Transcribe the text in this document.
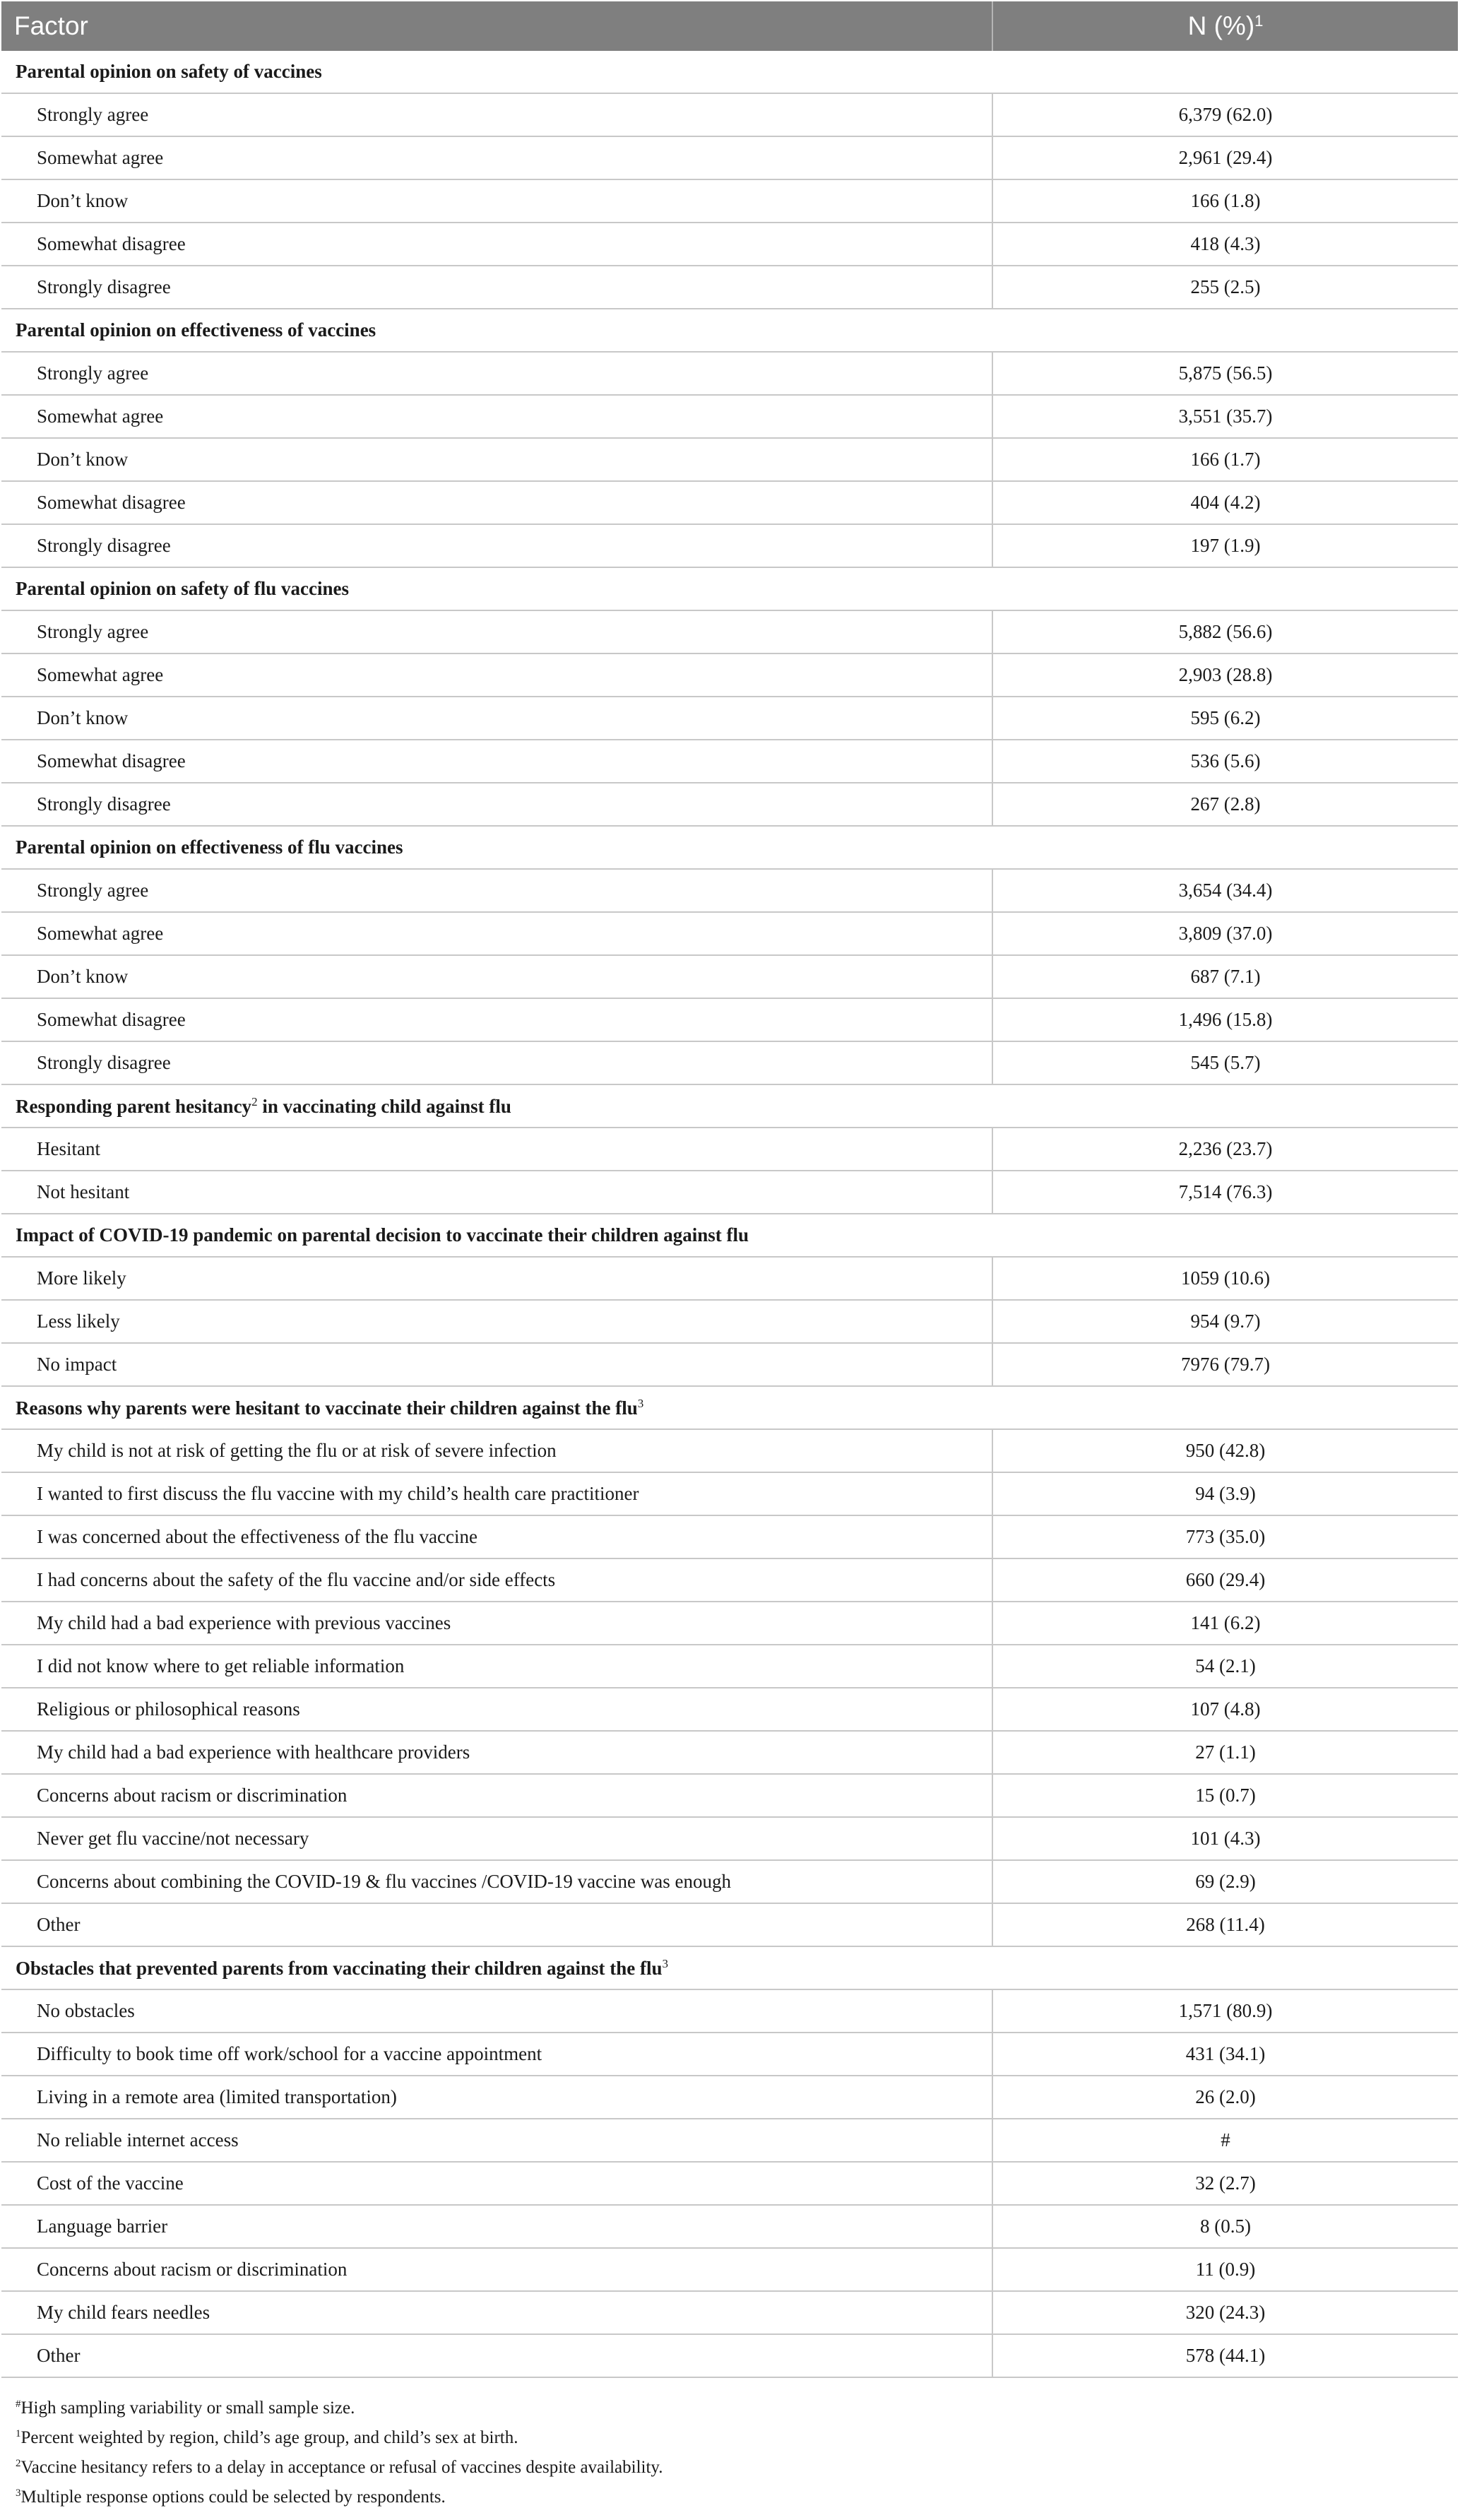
Factor	N (%)$^1$
Parental opinion on safety of vaccines	
Strongly agree	6,379 (62.0)
Somewhat agree	2,961 (29.4)
Don’t know	166 (1.8)
Somewhat disagree	418 (4.3)
Strongly disagree	255 (2.5)
Parental opinion on effectiveness of vaccines	
Strongly agree	5,875 (56.5)
Somewhat agree	3,551 (35.7)
Don’t know	166 (1.7)
Somewhat disagree	404 (4.2)
Strongly disagree	197 (1.9)
Parental opinion on safety of flu vaccines	
Strongly agree	5,882 (56.6)
Somewhat agree	2,903 (28.8)
Don’t know	595 (6.2)
Somewhat disagree	536 (5.6)
Strongly disagree	267 (2.8)
Parental opinion on effectiveness of flu vaccines	
Strongly agree	3,654 (34.4)
Somewhat agree	3,809 (37.0)
Don’t know	687 (7.1)
Somewhat disagree	1,496 (15.8)
Strongly disagree	545 (5.7)
Responding parent hesitancy$^2$ in vaccinating child against flu	
Hesitant	2,236 (23.7)
Not hesitant	7,514 (76.3)
Impact of COVID-19 pandemic on parental decision to vaccinate their children against flu	
More likely	1059 (10.6)
Less likely	954 (9.7)
No impact	7976 (79.7)
Reasons why parents were hesitant to vaccinate their children against the flu$^3$
My child is not at risk of getting the flu or at risk of severe infection	950 (42.8)
I wanted to first discuss the flu vaccine with my child’s health care practitioner	94 (3.9)
I was concerned about the effectiveness of the flu vaccine	773 (35.0)
I had concerns about the safety of the flu vaccine and/or side effects	660 (29.4)
My child had a bad experience with previous vaccines	141 (6.2)
I did not know where to get reliable information	54 (2.1)
Religious or philosophical reasons	107 (4.8)
My child had a bad experience with healthcare providers	27 (1.1)
Concerns about racism or discrimination	15 (0.7)
Never get flu vaccine/not necessary	101 (4.3)
Concerns about combining the COVID-19 & flu vaccines /COVID-19 vaccine was enough	69 (2.9)
Other	268 (11.4)
Obstacles that prevented parents from vaccinating their children against the flu$^3$
No obstacles	1,571 (80.9)
Difficulty to book time off work/school for a vaccine appointment	431 (34.1)
Living in a remote area (limited transportation)	26 (2.0)
No reliable internet access	#
Cost of the vaccine	32 (2.7)
Language barrier	8 (0.5)
Concerns about racism or discrimination	11 (0.9)
My child fears needles	320 (24.3)
Other	578 (44.1)
#High sampling variability or small sample size.
$^1$Percent weighted by region, child’s age group, and child’s sex at birth.
$^2$Vaccine hesitancy refers to a delay in acceptance or refusal of vaccines despite availability.
$^3$Multiple response options could be selected by respondents.
